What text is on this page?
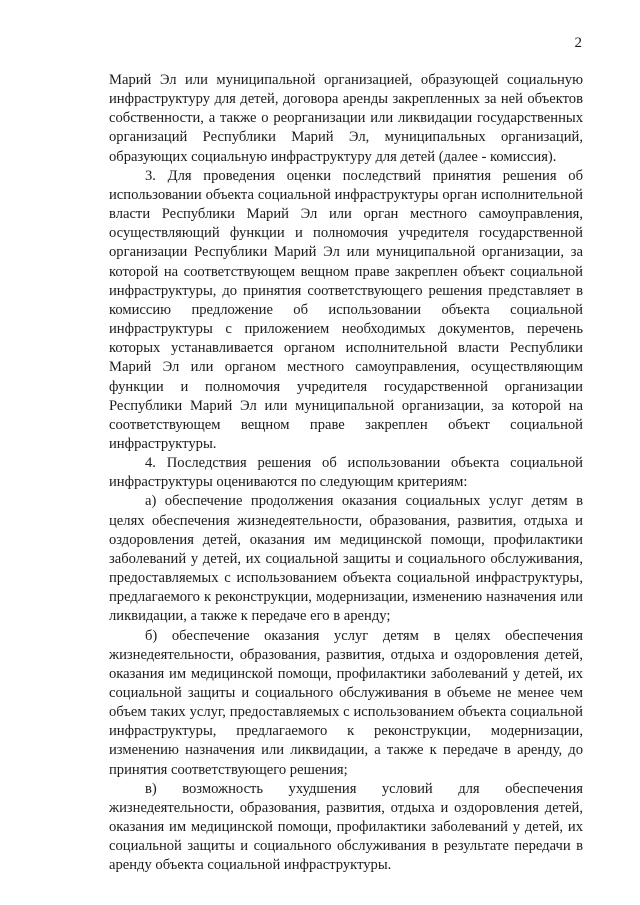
2

Марий Эл или муниципальной организацией, образующей социальную инфраструктуру для детей, договора аренды закрепленных за ней объектов собственности, а также о реорганизации или ликвидации государственных организаций Республики Марий Эл, муниципальных организаций, образующих социальную инфраструктуру для детей (далее - комиссия).

3. Для проведения оценки последствий принятия решения об использовании объекта социальной инфраструктуры орган исполнительной власти Республики Марий Эл или орган местного самоуправления, осуществляющий функции и полномочия учредителя государственной организации Республики Марий Эл или муниципальной организации, за которой на соответствующем вещном праве закреплен объект социальной инфраструктуры, до принятия соответствующего решения представляет в комиссию предложение об использовании объекта социальной инфраструктуры с приложением необходимых документов, перечень которых устанавливается органом исполнительной власти Республики Марий Эл или органом местного самоуправления, осуществляющим функции и полномочия учредителя государственной организации Республики Марий Эл или муниципальной организации, за которой на соответствующем вещном праве закреплен объект социальной инфраструктуры.

4. Последствия решения об использовании объекта социальной инфраструктуры оцениваются по следующим критериям:

а) обеспечение продолжения оказания социальных услуг детям в целях обеспечения жизнедеятельности, образования, развития, отдыха и оздоровления детей, оказания им медицинской помощи, профилактики заболеваний у детей, их социальной защиты и социального обслуживания, предоставляемых с использованием объекта социальной инфраструктуры, предлагаемого к реконструкции, модернизации, изменению назначения или ликвидации, а также к передаче его в аренду;

б) обеспечение оказания услуг детям в целях обеспечения жизнедеятельности, образования, развития, отдыха и оздоровления детей, оказания им медицинской помощи, профилактики заболеваний у детей, их социальной защиты и социального обслуживания в объеме не менее чем объем таких услуг, предоставляемых с использованием объекта социальной инфраструктуры, предлагаемого к реконструкции, модернизации, изменению назначения или ликвидации, а также к передаче в аренду, до принятия соответствующего решения;

в) возможность ухудшения условий для обеспечения жизнедеятельности, образования, развития, отдыха и оздоровления детей, оказания им медицинской помощи, профилактики заболеваний у детей, их социальной защиты и социального обслуживания в результате передачи в аренду объекта социальной инфраструктуры.
